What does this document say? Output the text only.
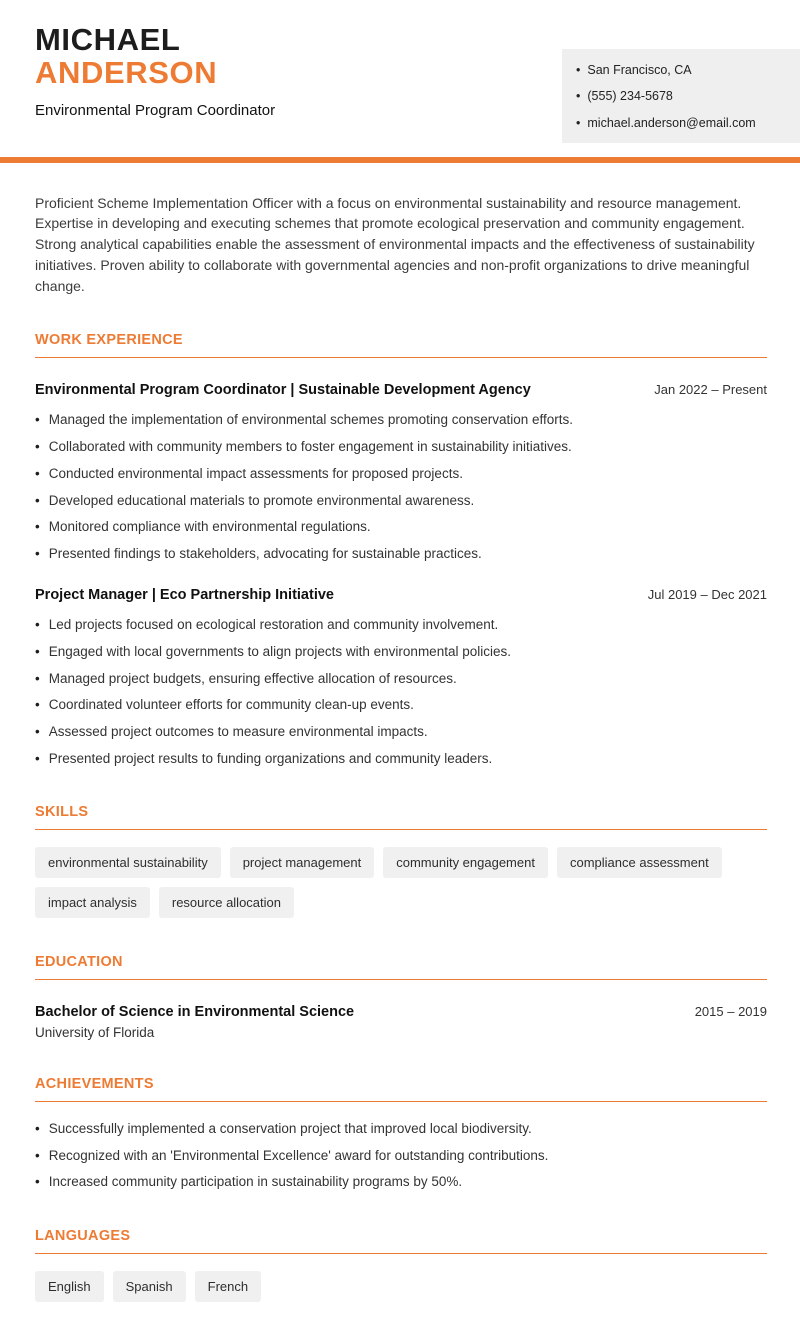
MICHAEL
ANDERSON
Environmental Program Coordinator
• San Francisco, CA
• (555) 234-5678
• michael.anderson@email.com

Proficient Scheme Implementation Officer with a focus on environmental sustainability and resource management. Expertise in developing and executing schemes that promote ecological preservation and community engagement. Strong analytical capabilities enable the assessment of environmental impacts and the effectiveness of sustainability initiatives. Proven ability to collaborate with governmental agencies and non-profit organizations to drive meaningful change.

WORK EXPERIENCE
Environmental Program Coordinator | Sustainable Development Agency	Jan 2022 – Present
• Managed the implementation of environmental schemes promoting conservation efforts.
• Collaborated with community members to foster engagement in sustainability initiatives.
• Conducted environmental impact assessments for proposed projects.
• Developed educational materials to promote environmental awareness.
• Monitored compliance with environmental regulations.
• Presented findings to stakeholders, advocating for sustainable practices.
Project Manager | Eco Partnership Initiative	Jul 2019 – Dec 2021
• Led projects focused on ecological restoration and community involvement.
• Engaged with local governments to align projects with environmental policies.
• Managed project budgets, ensuring effective allocation of resources.
• Coordinated volunteer efforts for community clean-up events.
• Assessed project outcomes to measure environmental impacts.
• Presented project results to funding organizations and community leaders.
SKILLS
environmental sustainability	project management	community engagement	compliance assessment
impact analysis	resource allocation
EDUCATION
Bachelor of Science in Environmental Science	2015 – 2019
University of Florida
ACHIEVEMENTS
• Successfully implemented a conservation project that improved local biodiversity.
• Recognized with an 'Environmental Excellence' award for outstanding contributions.
• Increased community participation in sustainability programs by 50%.
LANGUAGES
English	Spanish	French
